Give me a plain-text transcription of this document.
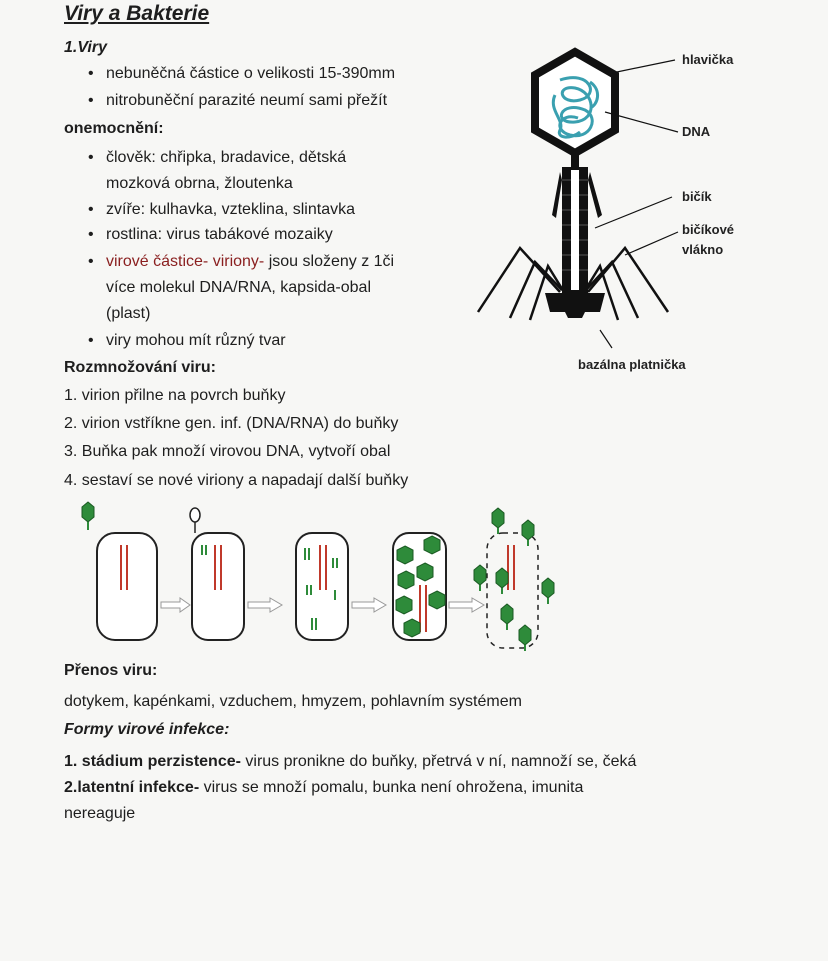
Viry a Bakterie
1.Viry
• nebuněčná částice o velikosti 15-390mm
• nitrobuněční parazité neumí sami přežít
onemocnění:
• člověk: chřipka, bradavice, dětská
mozková obrna, žloutenka
• zvíře: kulhavka, vzteklina, slintavka
• rostlina: virus tabákové mozaiky
• virové částice- viriony- jsou složeny z 1či
více molekul DNA/RNA, kapsida-obal
(plast)
• viry mohou mít různý tvar
Rozmnožování viru:
1. virion přilne na povrch buňky
2. virion vstříkne gen. inf. (DNA/RNA) do buňky
3. Buňka pak množí virovou DNA, vytvoří obal
4. sestaví se nové viriony a napadají další buňky
Přenos viru:
dotykem, kapénkami, vzduchem, hmyzem, pohlavním systémem
Formy virové infekce:
1. stádium perzistence- virus pronikne do buňky, přetrvá v ní, namnoží se, čeká
2.latentní infekce- virus se množí pomalu, bunka není ohrožena, imunita
nereaguje
hlavička
DNA
bičík
bičíkové
vlákno
bazálna platnička
